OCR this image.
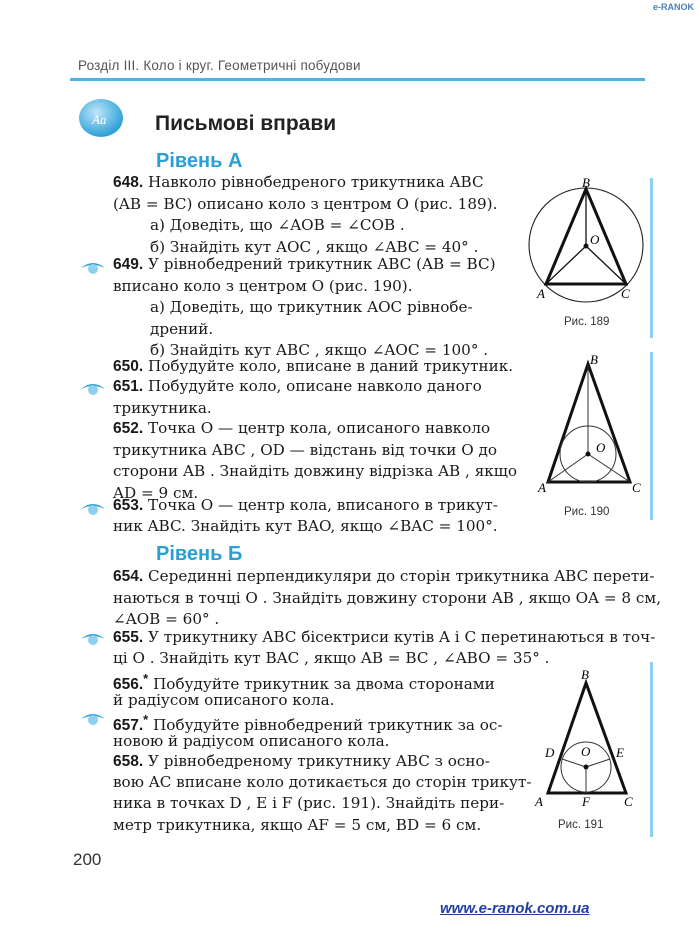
e-RANOK
Розділ ІІІ. Коло і круг. Геометричні побудови
Aa Письмові вправи
Рівень А
648. Навколо рівнобедреного трикутника ABC
(AB = BC) описано коло з центром O (рис. 189).
а) Доведіть, що ∠AOB = ∠COB .
б) Знайдіть кут AOC , якщо ∠ABC = 40° .
649. У рівнобедрений трикутник ABC (AB = BC)
вписано коло з центром O (рис. 190).
а) Доведіть, що трикутник AOC рівнобе-
дрений.
б) Знайдіть кут ABC , якщо ∠AOC = 100° .
650. Побудуйте коло, вписане в даний трикутник.
651. Побудуйте коло, описане навколо даного
трикутника.
652. Точка O — центр кола, описаного навколо
трикутника ABC , OD — відстань від точки O до
сторони AB . Знайдіть довжину відрізка AB , якщо
AD = 9 см.
653. Точка O — центр кола, вписаного в трикут-
ник ABC. Знайдіть кут BAO, якщо ∠BAC = 100°.
Рівень Б
654. Серединні перпендикуляри до сторін трикутника ABC перети-
наються в точці O . Знайдіть довжину сторони AB , якщо OA = 8 см,
∠AOB = 60° .
655. У трикутнику ABC бісектриси кутів A і C перетинаються в точ-
ці O . Знайдіть кут BAC , якщо AB = BC , ∠ABO = 35° .
656.* Побудуйте трикутник за двома сторонами
й радіусом описаного кола.
657.* Побудуйте рівнобедрений трикутник за ос-
новою й радіусом описаного кола.
658. У рівнобедреному трикутнику ABC з осно-
вою AC вписане коло дотикається до сторін трикут-
ника в точках D , E і F (рис. 191). Знайдіть пери-
метр трикутника, якщо AF = 5 см, BD = 6 см.
B
O
A	C
Рис. 189
B
O
A	C
Рис. 190
B
O
D	E
A	F	C
Рис. 191
200
www.e-ranok.com.ua
